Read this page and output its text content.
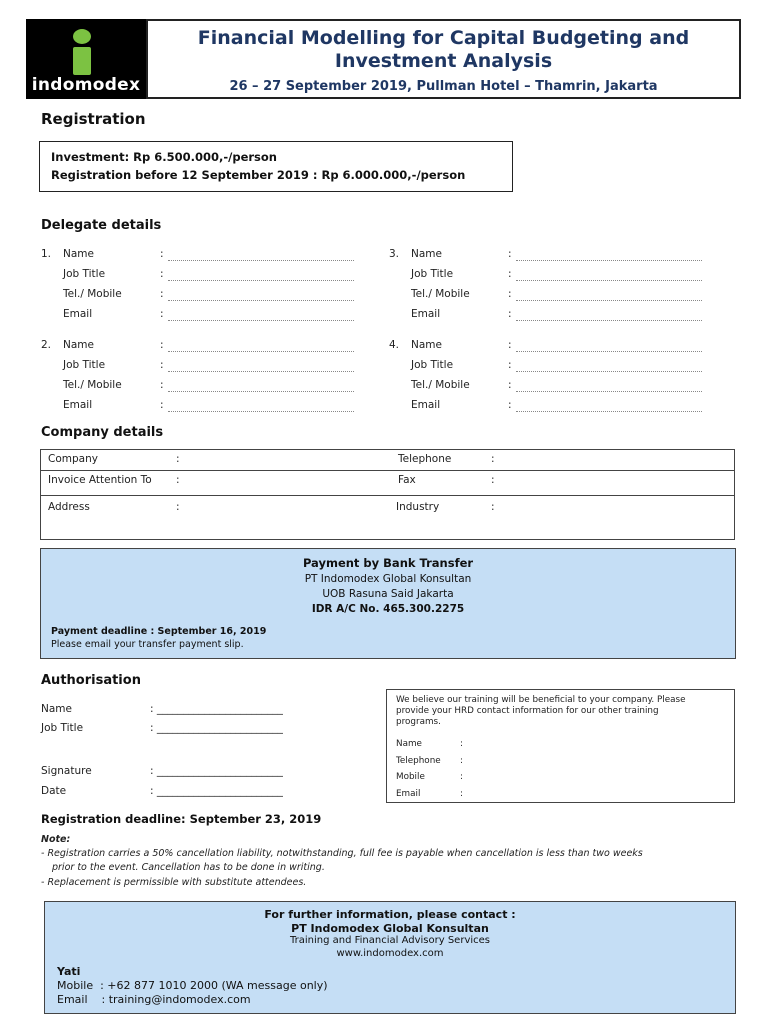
indomodex
Financial Modelling for Capital Budgeting and
Investment Analysis
26 – 27 September 2019, Pullman Hotel – Thamrin, Jakarta
Registration
Investment: Rp 6.500.000,-/person
Registration before 12 September 2019 : Rp 6.000.000,-/person
Delegate details
1. Name	:
Job Title	:
Tel./ Mobile	:
Email	:
2. Name	:
Job Title	:
Tel./ Mobile	:
Email	:
3. Name	:
Job Title	:
Tel./ Mobile	:
Email	:
4. Name	:
Job Title	:
Tel./ Mobile	:
Email	:
Company details
Company	:	Telephone	:
Invoice Attention To :	Fax	:
Address	:	Industry	:
Payment by Bank Transfer
PT Indomodex Global Konsultan
UOB Rasuna Said Jakarta
IDR A/C No. 465.300.2275
Payment deadline : September 16, 2019
Please email your transfer payment slip.
Authorisation
Name	: ________________________
Job Title	: ________________________
Signature	: ________________________
Date	: ________________________
We believe our training will be beneficial to your company. Please
provide your HRD contact information for our other training
programs.
Name	:
Telephone :
Mobile	:
Email	:
Registration deadline: September 23, 2019
Note:
- Registration carries a 50% cancellation liability, notwithstanding, full fee is payable when cancellation is less than two weeks
prior to the event. Cancellation has to be done in writing.
- Replacement is permissible with substitute attendees.
For further information, please contact :
PT Indomodex Global Konsultan
Training and Financial Advisory Services
www.indomodex.com
Yati
Mobile  : +62 877 1010 2000 (WA message only)
Email    : training@indomodex.com
